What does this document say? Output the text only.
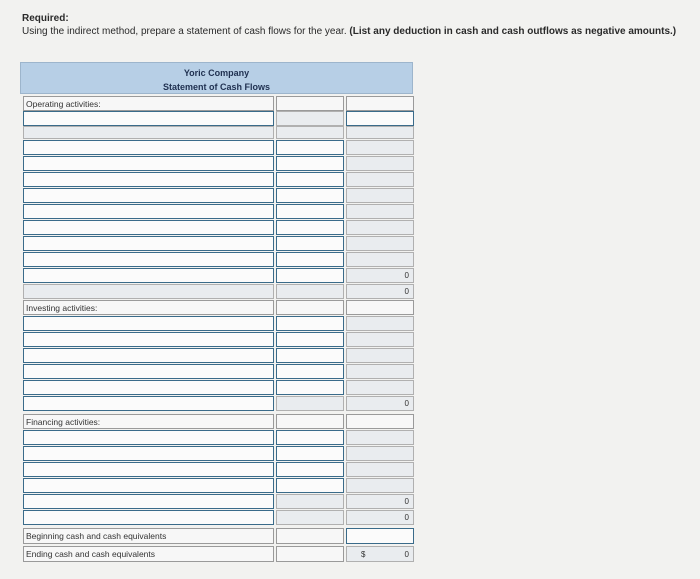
Required:
Using the indirect method, prepare a statement of cash flows for the year. (List any deduction in cash and cash outflows as negative amounts.)
Yoric Company
Statement of Cash Flows
Operating activities:
0
0
Investing activities:
0
Financing activities:
0
0
Beginning cash and cash equivalents
$	0
Ending cash and cash equivalents
